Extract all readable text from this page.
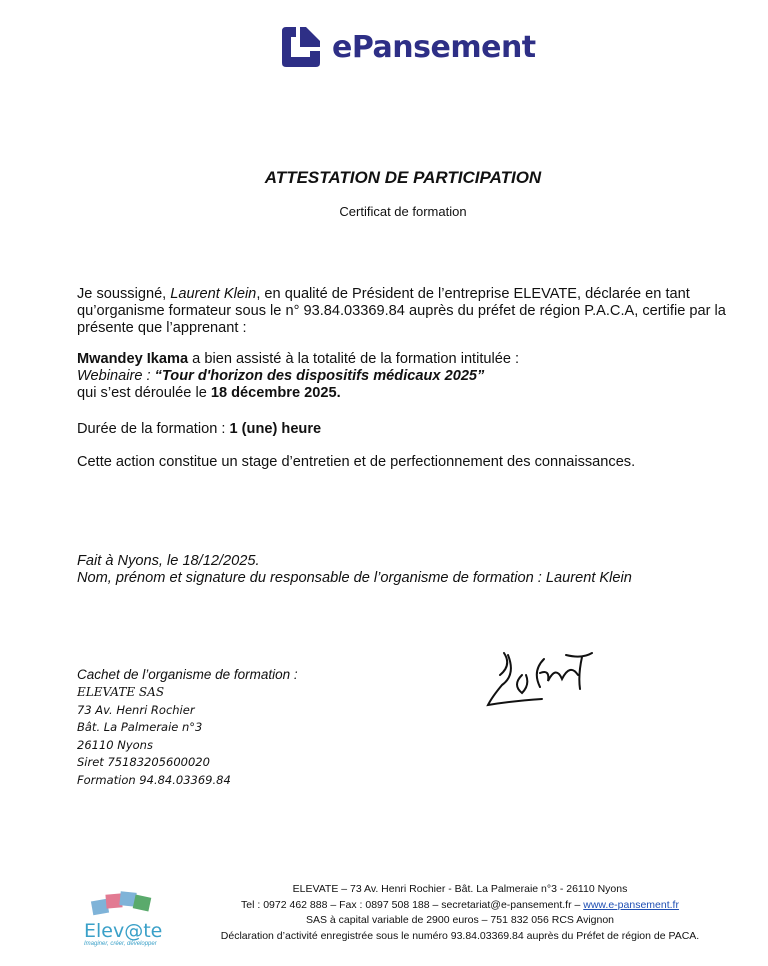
ePansement
ATTESTATION DE PARTICIPATION
Certificat de formation
Je soussigné, Laurent Klein, en qualité de Président de l’entreprise ELEVATE, déclarée en tant qu’organisme formateur sous le n° 93.84.03369.84 auprès du préfet de région P.A.C.A, certifie par la présente que l’apprenant :
Mwandey Ikama a bien assisté à la totalité de la formation intitulée :
Webinaire : “Tour d'horizon des dispositifs médicaux 2025”
qui s’est déroulée le 18 décembre 2025.
Durée de la formation : 1 (une) heure
Cette action constitue un stage d’entretien et de perfectionnement des connaissances.
Fait à Nyons, le 18/12/2025.
Nom, prénom et signature du responsable de l’organisme de formation : Laurent Klein
Cachet de l’organisme de formation :
ELEVATE SAS
73 Av. Henri Rochier
Bât. La Palmeraie n°3
26110 Nyons
Siret 75183205600020
Formation 94.84.03369.84
Elev@te
Imaginer, créer, développer
ELEVATE – 73 Av. Henri Rochier - Bât. La Palmeraie n°3 - 26110 Nyons
Tel : 0972 462 888 – Fax : 0897 508 188 – secretariat@e-pansement.fr – www.e-pansement.fr
SAS à capital variable de 2900 euros – 751 832 056 RCS Avignon
Déclaration d’activité enregistrée sous le numéro 93.84.03369.84 auprès du Préfet de région de PACA.
